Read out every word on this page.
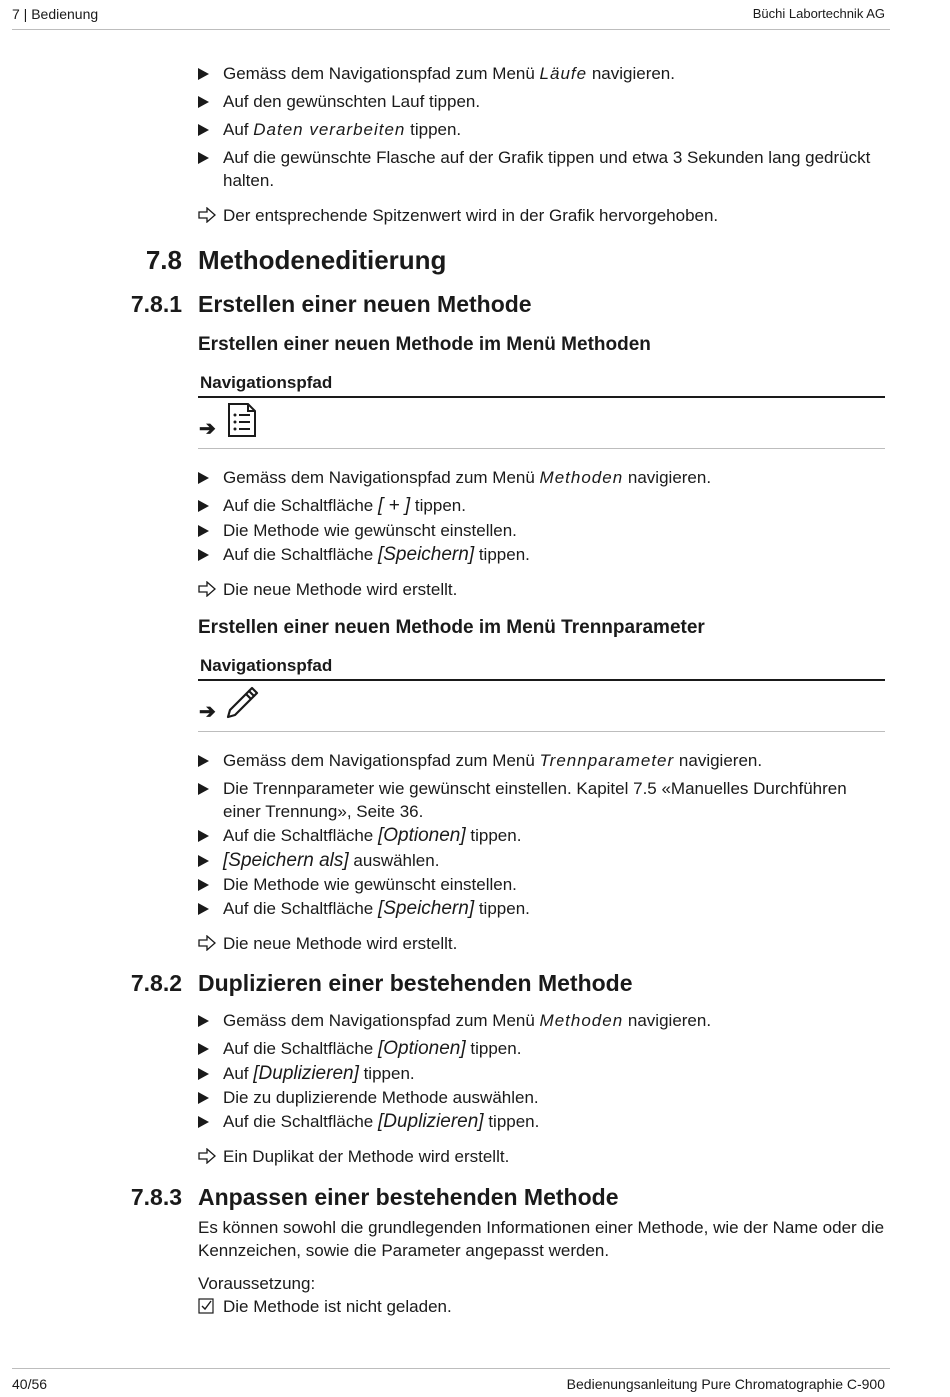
7 | Bedienung	Büchi Labortechnik AG
Gemäss dem Navigationspfad zum Menü Läufe navigieren.
Auf den gewünschten Lauf tippen.
Auf Daten verarbeiten tippen.
Auf die gewünschte Flasche auf der Grafik tippen und etwa 3 Sekunden lang gedrückt halten.
Der entsprechende Spitzenwert wird in der Grafik hervorgehoben.
7.8 Methodeneditierung
7.8.1 Erstellen einer neuen Methode
Erstellen einer neuen Methode im Menü Methoden
Navigationspfad
➔
Gemäss dem Navigationspfad zum Menü Methoden navigieren.
Auf die Schaltfläche [ + ] tippen.
Die Methode wie gewünscht einstellen.
Auf die Schaltfläche [Speichern] tippen.
Die neue Methode wird erstellt.
Erstellen einer neuen Methode im Menü Trennparameter
Navigationspfad
➔
Gemäss dem Navigationspfad zum Menü Trennparameter navigieren.
Die Trennparameter wie gewünscht einstellen. Kapitel 7.5 «Manuelles Durchführen einer Trennung», Seite 36.
Auf die Schaltfläche [Optionen] tippen.
[Speichern als] auswählen.
Die Methode wie gewünscht einstellen.
Auf die Schaltfläche [Speichern] tippen.
Die neue Methode wird erstellt.
7.8.2 Duplizieren einer bestehenden Methode
Gemäss dem Navigationspfad zum Menü Methoden navigieren.
Auf die Schaltfläche [Optionen] tippen.
Auf [Duplizieren] tippen.
Die zu duplizierende Methode auswählen.
Auf die Schaltfläche [Duplizieren] tippen.
Ein Duplikat der Methode wird erstellt.
7.8.3 Anpassen einer bestehenden Methode
Es können sowohl die grundlegenden Informationen einer Methode, wie der Name oder die Kennzeichen, sowie die Parameter angepasst werden.
Voraussetzung:
Die Methode ist nicht geladen.
40/56	Bedienungsanleitung Pure Chromatographie C-900
